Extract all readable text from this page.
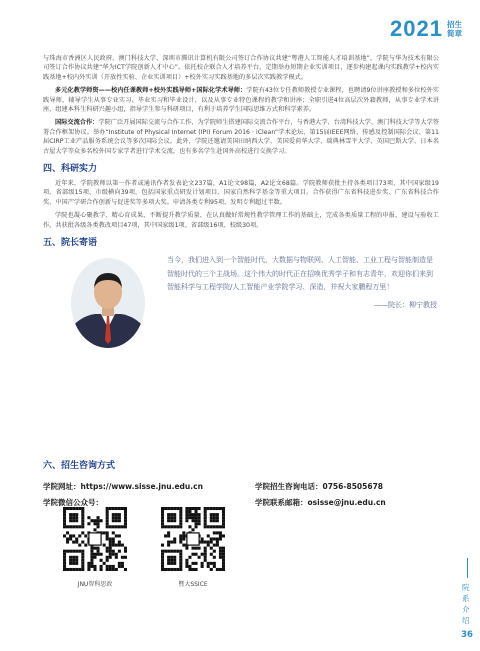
2021 招生
简章

与珠海市香洲区人民政府、澳门科技大学、深圳市腾讯计算机有限公司签订合作协议共建“粤港人工智能人才培训基地”，学院与华为技术有限公司签订合作协议共建“华为ICT学院创新人才中心”。依托校企联合人才培养平台，定期举办短期企业实训项目，逐步构建起课内实践教学+校内实践基地+校内外实训（开放性实验、企业实训项目）+校外实习实践基地的多层次实践教学模式。

多元化教学师资——校内任课教师+校外实践导师+国际化学术导师：学院有43位专任教师教授专业课程，也聘请9位讲座教授和多位校外实践导师，辅导学生从事专业实习、毕业实习和毕业设计，以及从事专业特色课程的教学和讲座；全职引进4位高层次外籍教师，从事专业学术讲座，组建本科生科研兴趣小组，指导学生参与科研项目，有利于培养学生国际思维方式和科学素养。

国际交流合作：学院广泛开展国际交流与合作工作，为学院师生搭建国际交流合作平台，与香港大学、台湾科技大学、澳门科技大学等大学签署合作框架协议。举办“Institute of Physical Internet (IPI) Forum 2016 · iClean”学术论坛、第15届IEEE网络、传感及控制国际会议、第11届CIRP工业产品服务系统会议等多次国际会议。此外，学院还邀请美国田纳西大学、美国爱荷华大学、瑞典林雪平大学、英国巴斯大学、日本名古屋大学等众多名校外国专家学者进行学术交流，也有多名学生赴国外高校进行交换学习。

四、科研实力

近年来，学院教师以第一作者或通讯作者发表论文237篇，A1论文98篇，A2论文68篇。学院教师获批主持各类项目73项，其中国家级19项、省部级15项、市级横向39项，包括国家重点研发计划项目、国家自然科学基金等重大项目。合作获得广东省科技进步奖、广东省科技合作奖、中国产学研合作创新与促进奖等多项大奖。申请各类专利95项，发明专利超过半数。

学院也凝心聚教学、精心育成果，不断提升教学质量，在认真做好常规性教学管理工作的基础上，完成各类质量工程的申报、建设与验收工作，共获批各级各类教改项目47项，其中国家级1项、省部级16项、校级30项。

五、院长寄语
当今，我们进入到一个智能时代，大数据与物联网、人工智能、工业工程与智能制造是智能时代的三个主战场。这个伟大的时代正在招唤优秀学子和有志青年，欢迎你们来到智能科学与工程学院/人工智能产业学院学习、深造，并祝大家鹏程万里！
——院长：柳宁教授
六、招生咨询方式
学院网址：https://www.sisse.jnu.edu.cn	学院招生咨询电话：0756-8505678
学院微信公众号：	学院联系邮箱：osisse@jnu.edu.cn
JNU智科思政	暨大SSICE	院系介绍
36
